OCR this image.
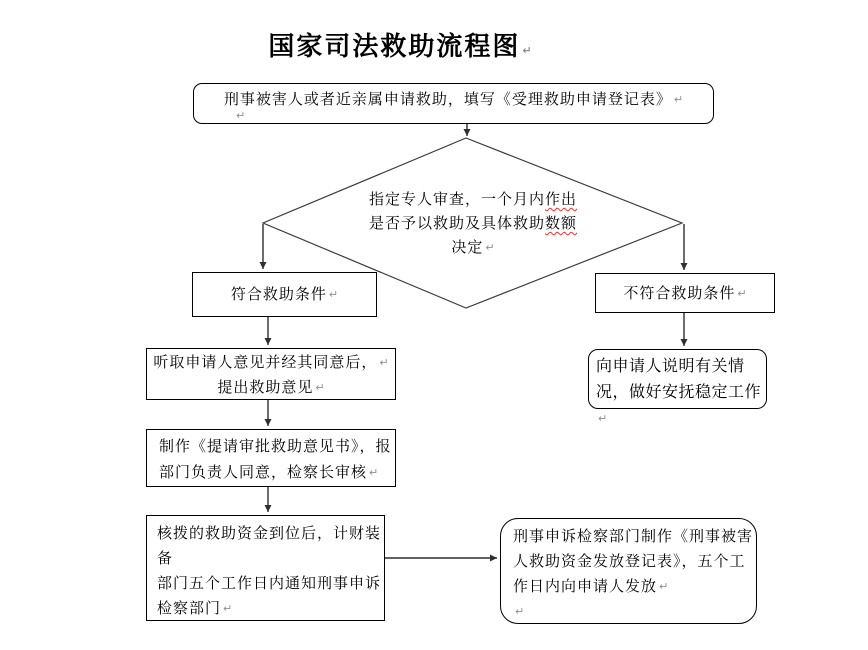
国家司法救助流程图 ↵
刑事被害人或者近亲属申请救助，填写《受理救助申请登记表》 ↵
↵
指定专人审查，一个月内作出
是否予以救助及具体救助数额
决定 ↵
符合救助条件 ↵	不符合救助条件 ↵
听取申请人意见并经其同意后， ↵
提出救助意见 ↵
向申请人说明有关情
况，做好安抚稳定工作↵
制作《提请审批救助意见书》，报
部门负责人同意，检察长审核 ↵
核拨的救助资金到位后，计财装备
部门五个工作日内通知刑事申诉
检察部门 ↵
刑事申诉检察部门制作《刑事被害
人救助资金发放登记表》，五个工
作日内向申请人发放 ↵
↵
